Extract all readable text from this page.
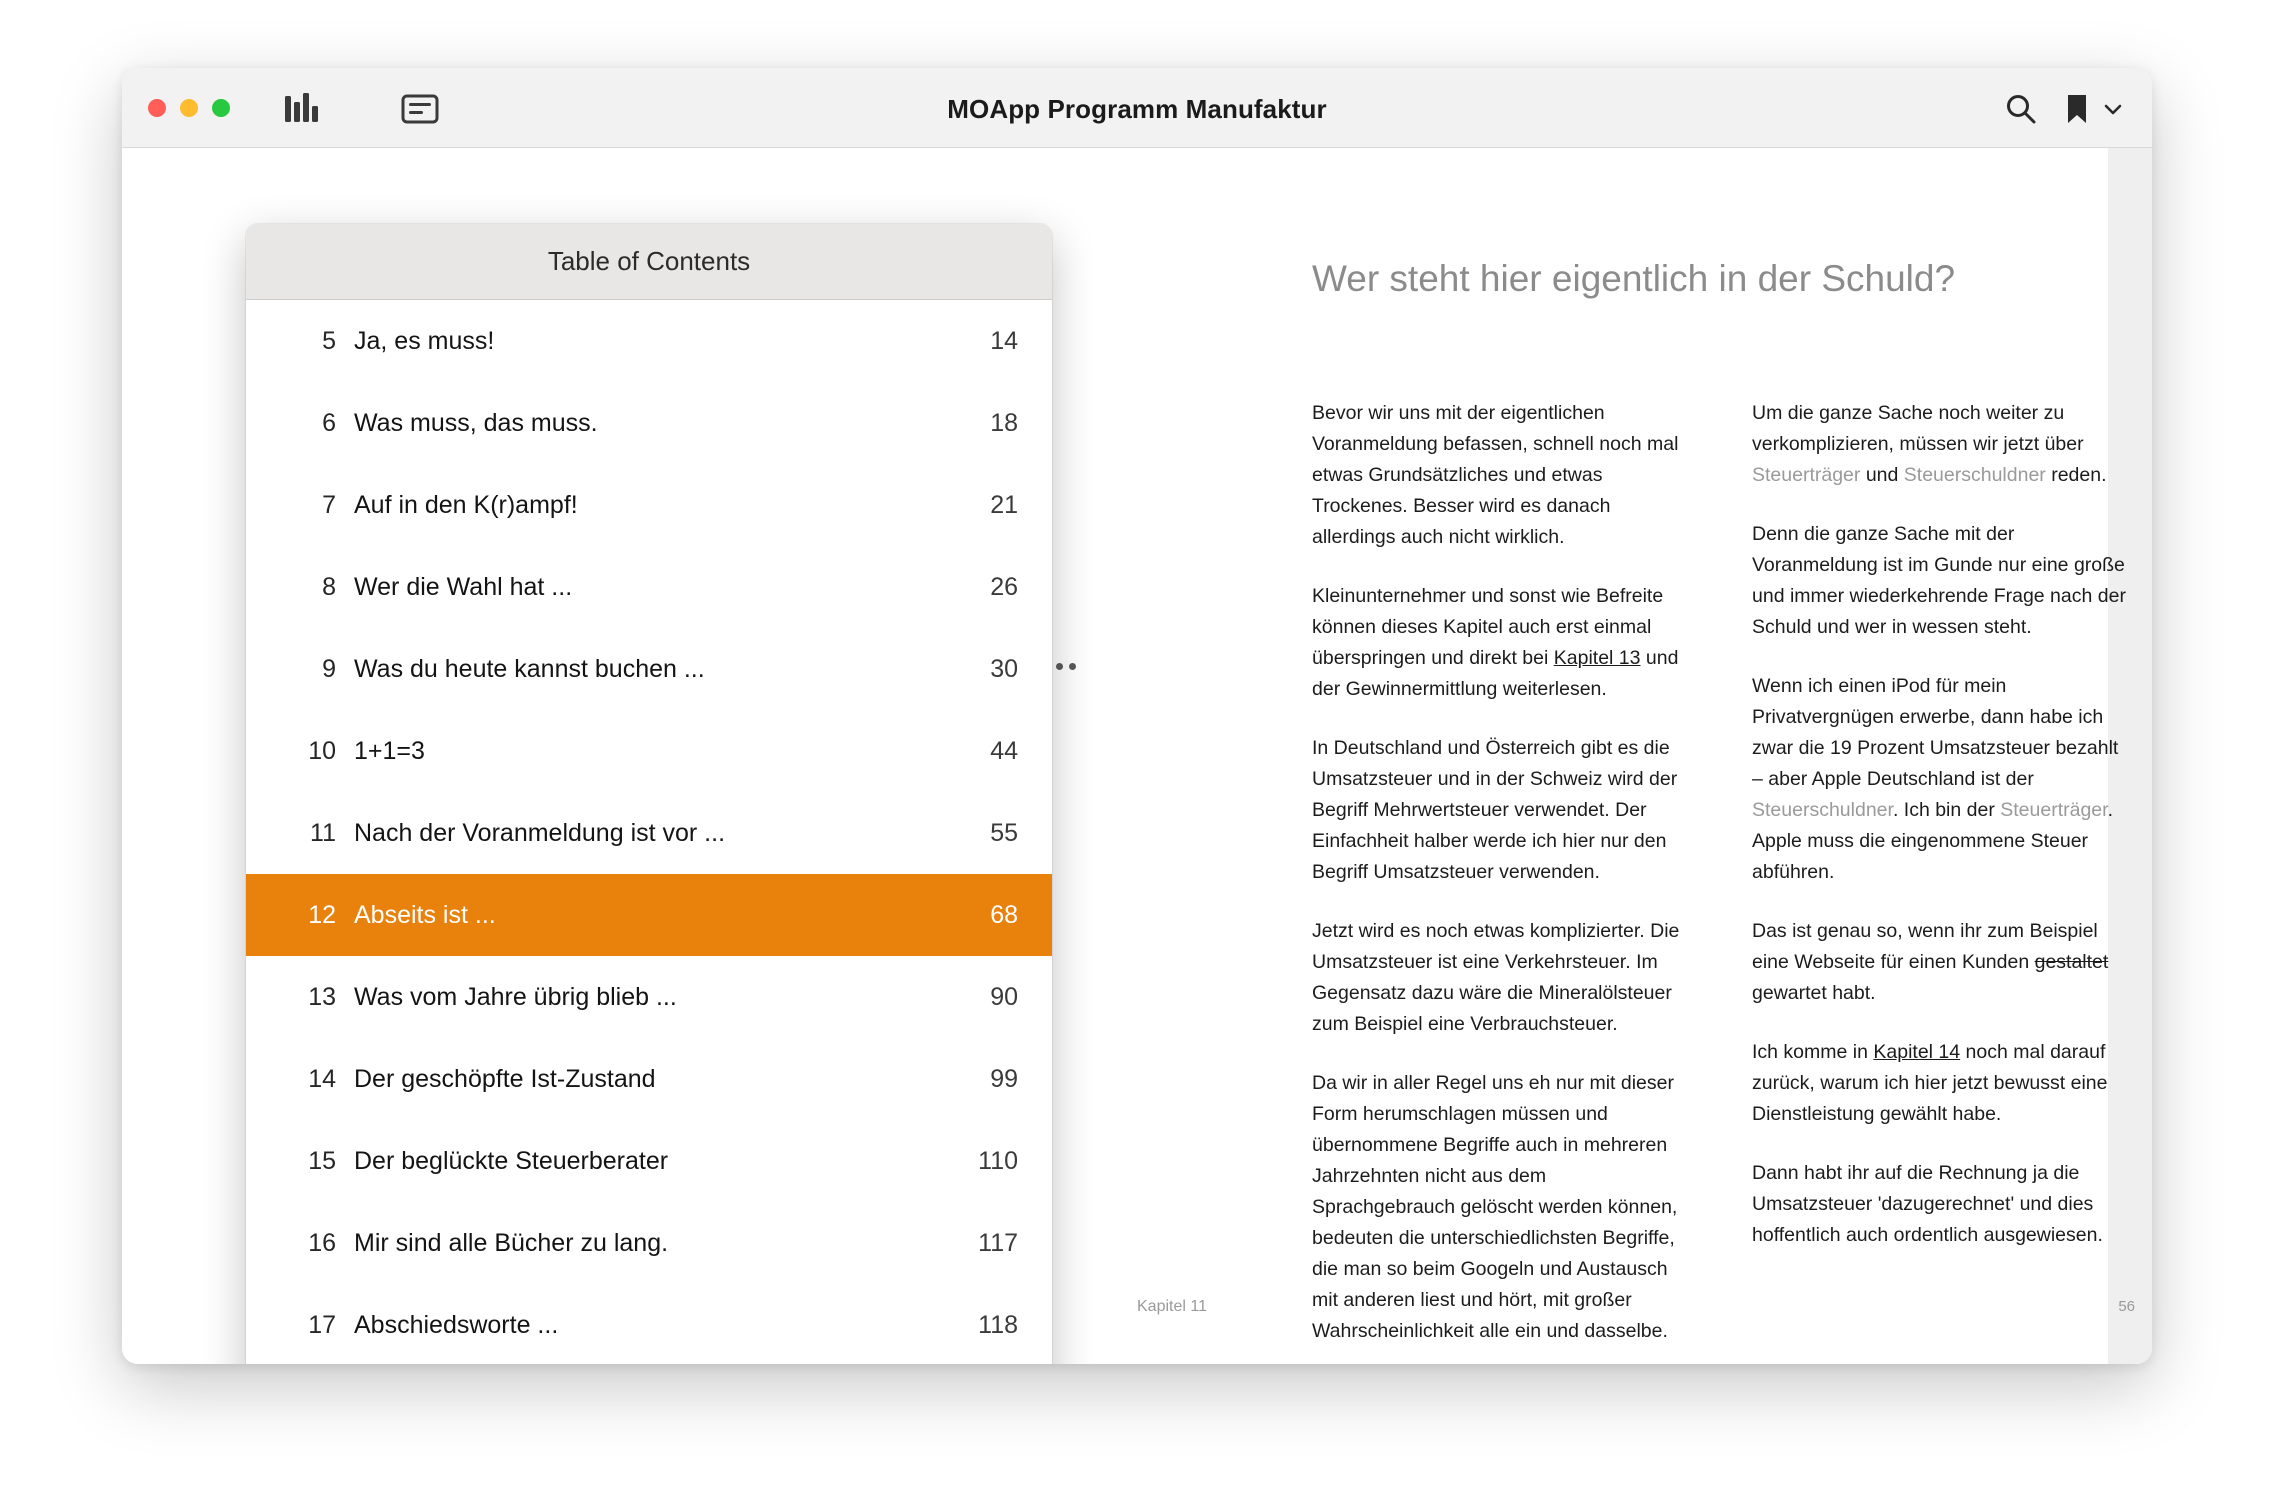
MOApp Programm Manufaktur
Wer steht hier eigentlich in der Schuld?

Bevor wir uns mit der eigentlichen Voranmeldung befassen, schnell noch mal etwas Grundsätzliches und etwas Trockenes. Besser wird es danach allerdings auch nicht wirklich.

Kleinunternehmer und sonst wie Befreite können dieses Kapitel auch erst einmal überspringen und direkt bei Kapitel 13 und der Gewinnermittlung weiterlesen.

In Deutschland und Österreich gibt es die Umsatzsteuer und in der Schweiz wird der Begriff Mehrwertsteuer verwendet. Der Einfachheit halber werde ich hier nur den Begriff Umsatzsteuer verwenden.

Jetzt wird es noch etwas komplizierter. Die Umsatzsteuer ist eine Verkehrsteuer. Im Gegensatz dazu wäre die Mineralölsteuer zum Beispiel eine Verbrauchsteuer.

Da wir in aller Regel uns eh nur mit dieser Form herumschlagen müssen und übernommene Begriffe auch in mehreren Jahrzehnten nicht aus dem Sprachgebrauch gelöscht werden können, bedeuten die unterschiedlichsten Begriffe, die man so beim Googeln und Austausch mit anderen liest und hört, mit großer Wahrscheinlichkeit alle ein und dasselbe.

Um die ganze Sache noch weiter zu verkomplizieren, müssen wir jetzt über Steuerträger und Steuerschuldner reden.

Denn die ganze Sache mit der Voranmeldung ist im Gunde nur eine große und immer wiederkehrende Frage nach der Schuld und wer in wessen steht.

Wenn ich einen iPod für mein Privatvergnügen erwerbe, dann habe ich zwar die 19 Prozent Umsatzsteuer bezahlt – aber Apple Deutschland ist der Steuerschuldner. Ich bin der Steuerträger. Apple muss die eingenommene Steuer abführen.

Das ist genau so, wenn ihr zum Beispiel eine Webseite für einen Kunden gestaltet gewartet habt.

Ich komme in Kapitel 14 noch mal darauf zurück, warum ich hier jetzt bewusst eine Dienstleistung gewählt habe.

Dann habt ihr auf die Rechnung ja die Umsatzsteuer 'dazugerechnet' und dies hoffentlich auch ordentlich ausgewiesen.

Kapitel 11	56
Table of Contents
5 Ja, es muss!	14
6 Was muss, das muss.	18
7 Auf in den K(r)ampf!	21
8 Wer die Wahl hat ...	26
9 Was du heute kannst buchen ...	30
10 1+1=3	44
11 Nach der Voranmeldung ist vor ...	55
12 Abseits ist ...	68
13 Was vom Jahre übrig blieb ...	90
14 Der geschöpfte Ist-Zustand	99
15 Der beglückte Steuerberater	110
16 Mir sind alle Bücher zu lang.	117
17 Abschiedsworte ...	118
